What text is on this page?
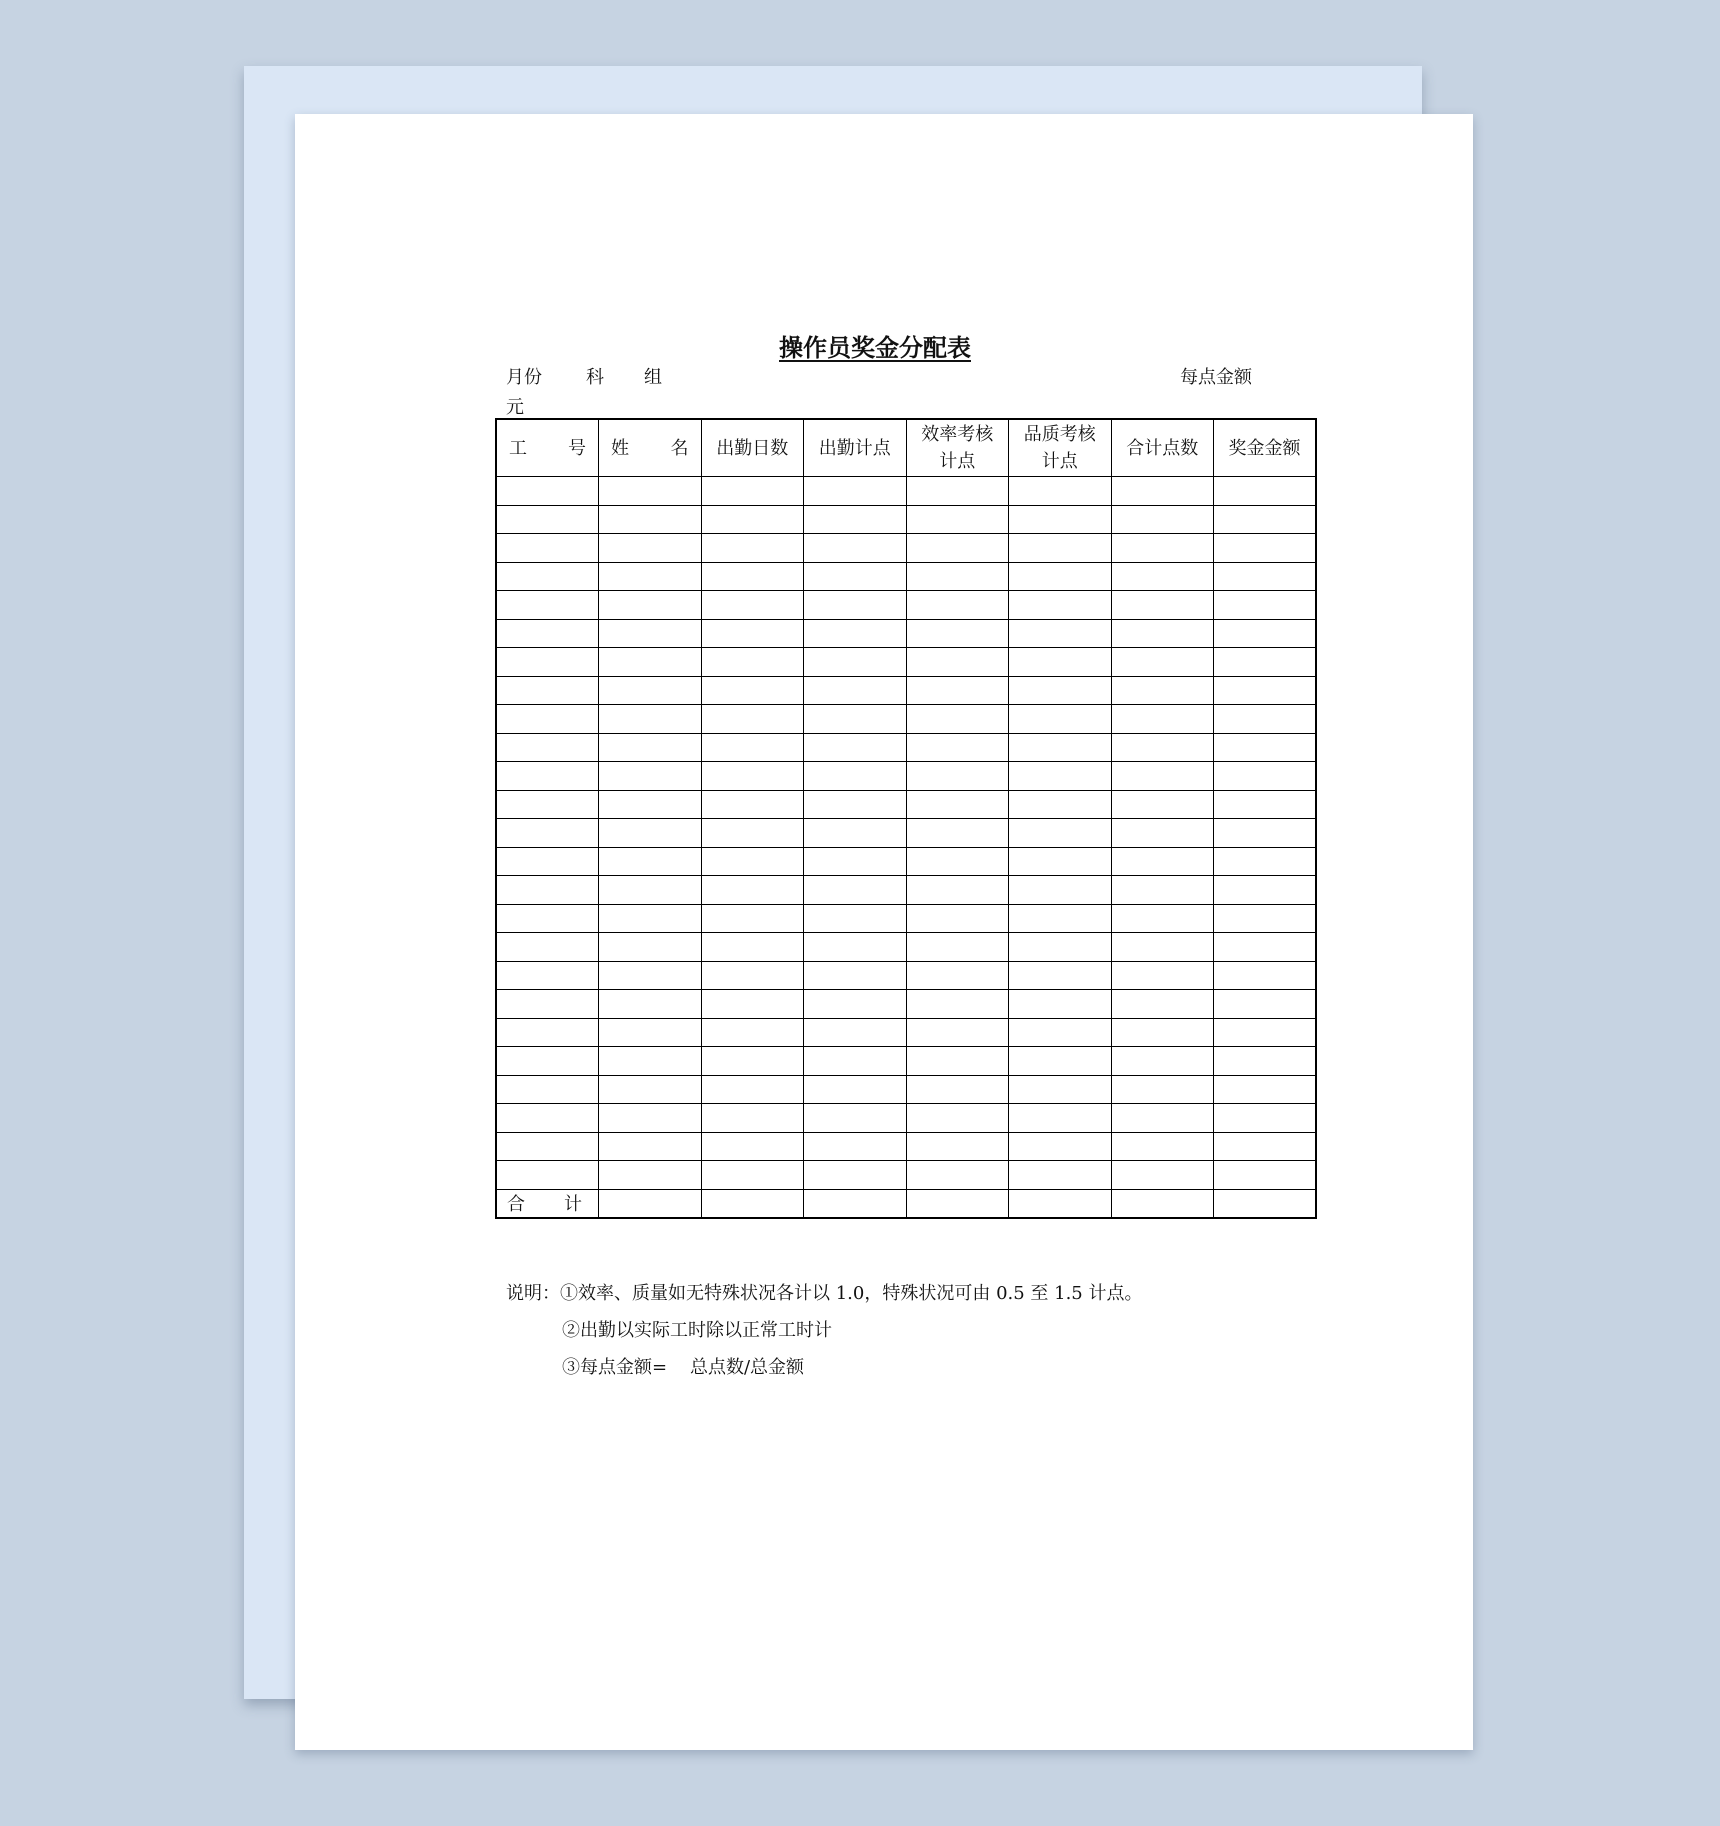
操作员奖金分配表
月份 科 组	每点金额
元
工 号	姓 名	出勤日数	出勤计点	效率考核计点	品质考核计点	合计点数	奖金金额

合 计							

说明：①效率、质量如无特殊状况各计以 1.0，特殊状况可由 0.5 至 1.5 计点。
②出勤以实际工时除以正常工时计
③每点金额=    总点数/总金额
